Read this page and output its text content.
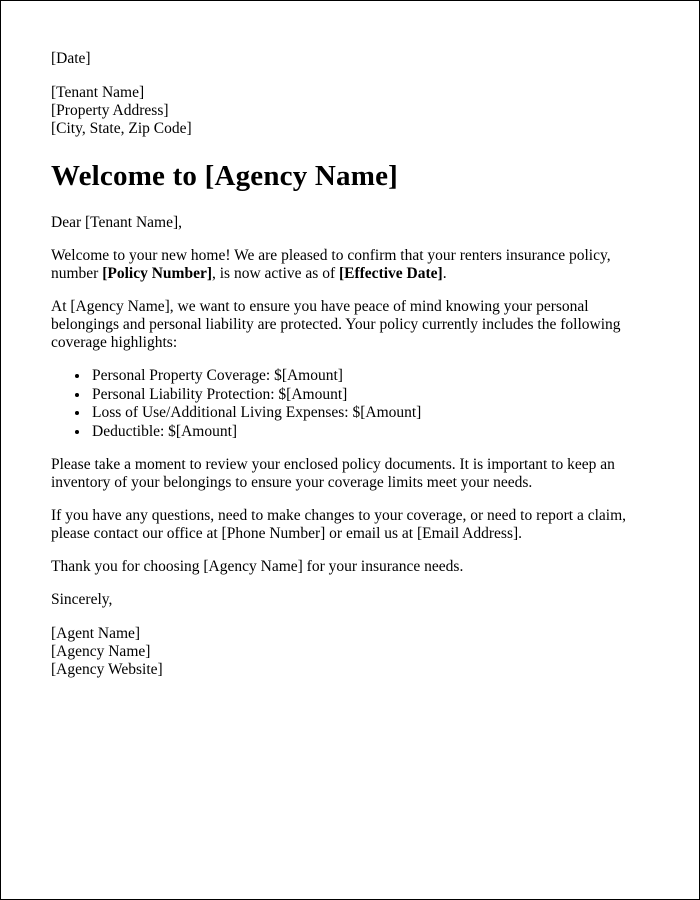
[Date]

[Tenant Name]

[Property Address]

[City, State, Zip Code]

Welcome to [Agency Name]

Dear [Tenant Name],

Welcome to your new home! We are pleased to confirm that your renters insurance policy, number [Policy Number], is now active as of [Effective Date].

At [Agency Name], we want to ensure you have peace of mind knowing your personal belongings and personal liability are protected. Your policy currently includes the following coverage highlights:

• Personal Property Coverage: $[Amount]
• Personal Liability Protection: $[Amount]
• Loss of Use/Additional Living Expenses: $[Amount]
• Deductible: $[Amount]

Please take a moment to review your enclosed policy documents. It is important to keep an inventory of your belongings to ensure your coverage limits meet your needs.

If you have any questions, need to make changes to your coverage, or need to report a claim, please contact our office at [Phone Number] or email us at [Email Address].

Thank you for choosing [Agency Name] for your insurance needs.

Sincerely,

[Agent Name]

[Agency Name]

[Agency Website]
